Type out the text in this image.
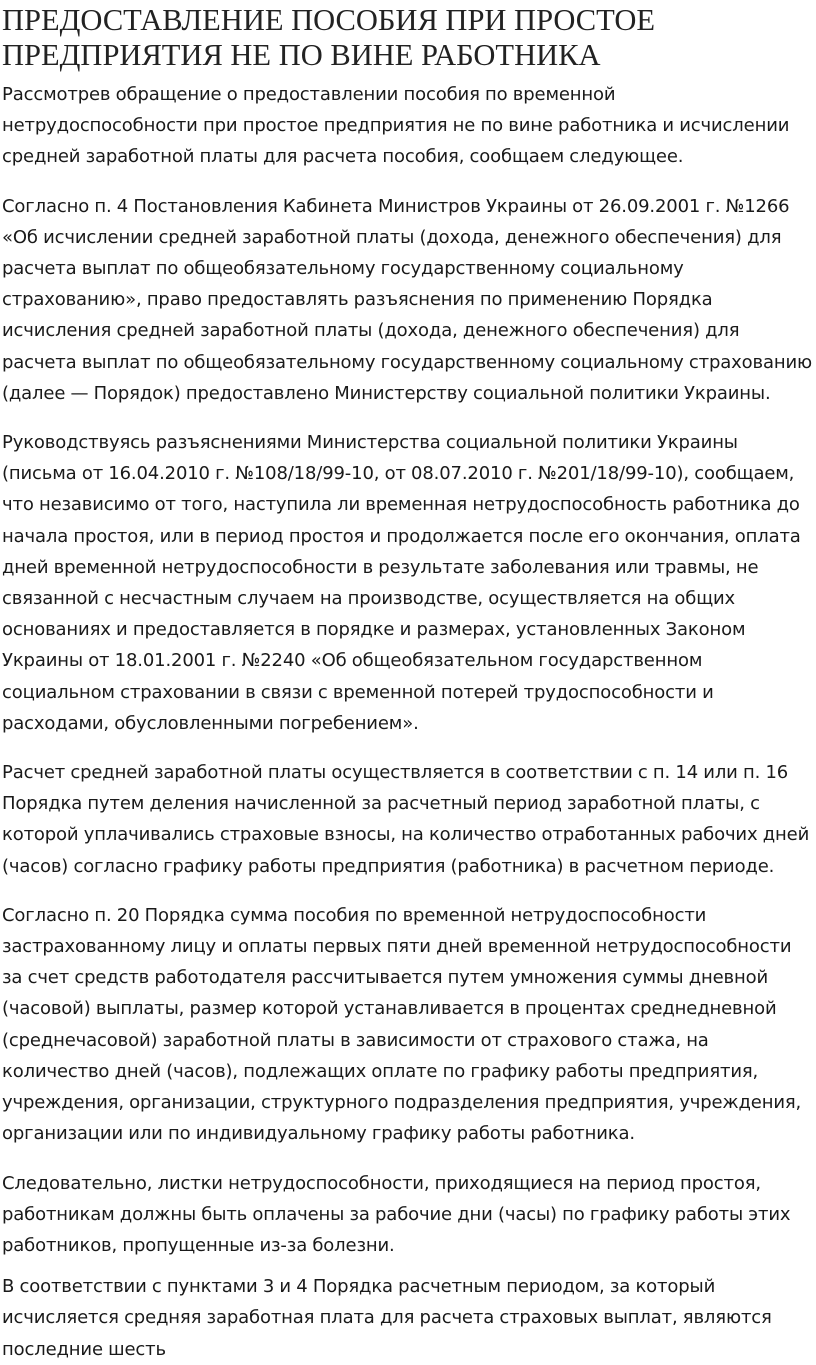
ПРЕДОСТАВЛЕНИЕ ПОСОБИЯ ПРИ ПРОСТОЕ ПРЕДПРИЯТИЯ НЕ ПО ВИНЕ РАБОТНИКА

Рассмотрев обращение о предоставлении пособия по временной нетрудоспособности при простое предприятия не по вине работника и исчислении средней заработной платы для расчета пособия, сообщаем следующее.

Согласно п. 4 Постановления Кабинета Министров Украины от 26.09.2001 г. №1266 «Об исчислении средней заработной платы (дохода, денежного обеспечения) для расчета выплат по общеобязательному государственному социальному страхованию», право предоставлять разъяснения по применению Порядка исчисления средней заработной платы (дохода, денежного обеспечения) для расчета выплат по общеобязательному государственному социальному страхованию (далее — Порядок) предоставлено Министерству социальной политики Украины.

Руководствуясь разъяснениями Министерства социальной политики Украины (письма от 16.04.2010 г. №108/18/99-10, от 08.07.2010 г. №201/18/99-10), сообщаем, что независимо от того, наступила ли временная нетрудоспособность работника до начала простоя, или в период простоя и продолжается после его окончания, оплата дней временной нетрудоспособности в результате заболевания или травмы, не связанной с несчастным случаем на производстве, осуществляется на общих основаниях и предоставляется в порядке и размерах, установленных Законом Украины от 18.01.2001 г. №2240 «Об общеобязательном государственном социальном страховании в связи с временной потерей трудоспособности и расходами, обусловленными погребением».

Расчет средней заработной платы осуществляется в соответствии с п. 14 или п. 16 Порядка путем деления начисленной за расчетный период заработной платы, с которой уплачивались страховые взносы, на количество отработанных рабочих дней (часов) согласно графику работы предприятия (работника) в расчетном периоде.

Согласно п. 20 Порядка сумма пособия по временной нетрудоспособности застрахованному лицу и оплаты первых пяти дней временной нетрудоспособности за счет средств работодателя рассчитывается путем умножения суммы дневной (часовой) выплаты, размер которой устанавливается в процентах среднедневной (среднечасовой) заработной платы в зависимости от страхового стажа, на количество дней (часов), подлежащих оплате по графику работы предприятия, учреждения, организации, структурного подразделения предприятия, учреждения, организации или по индивидуальному графику работы работника.

Следовательно, листки нетрудоспособности, приходящиеся на период простоя, работникам должны быть оплачены за рабочие дни (часы) по графику работы этих работников, пропущенные из-за болезни.

В соответствии с пунктами 3 и 4 Порядка расчетным периодом, за который исчисляется средняя заработная плата для расчета страховых выплат, являются последние шесть
